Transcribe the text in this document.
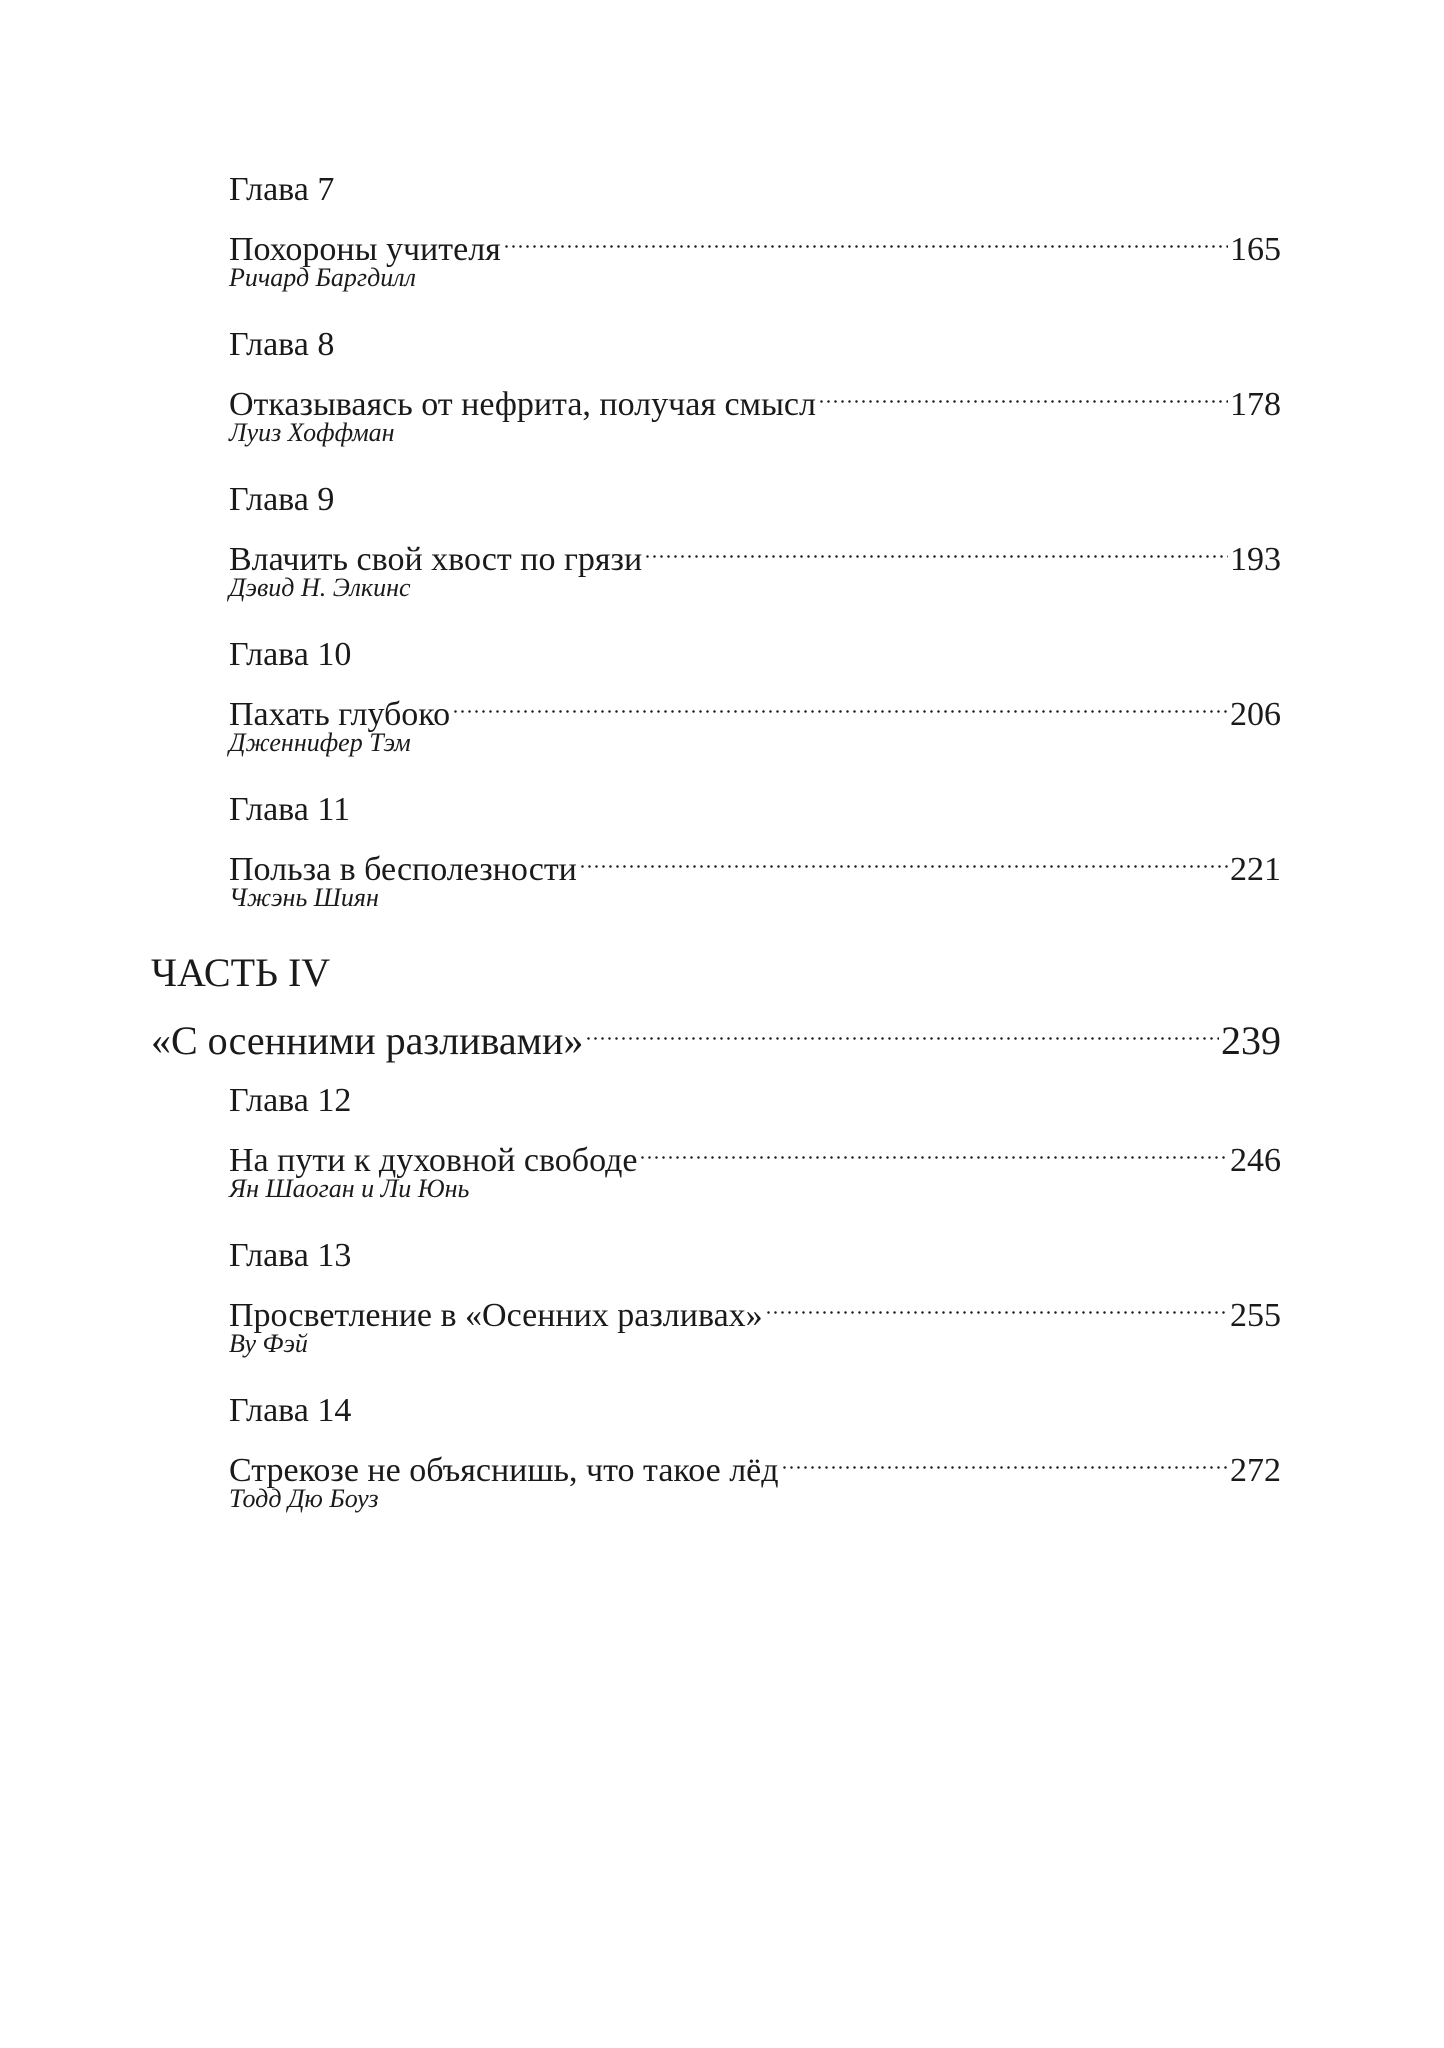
Глава 7
Похороны учителя	165
Ричард Баргдилл
Глава 8
Отказываясь от нефрита, получая смысл	178
Луиз Хоффман
Глава 9
Влачить свой хвост по грязи	193
Дэвид Н. Элкинс
Глава 10
Пахать глубоко	206
Дженнифер Тэм
Глава 11
Польза в бесполезности	221
Чжэнь Шиян
ЧАСТЬ IV
«С осенними разливами»	239
Глава 12
На пути к духовной свободе	246
Ян Шаоган и Ли Юнь
Глава 13
Просветление в «Осенних разливах»	255
Ву Фэй
Глава 14
Стрекозе не объяснишь, что такое лёд	272
Тодд Дю Боуз
